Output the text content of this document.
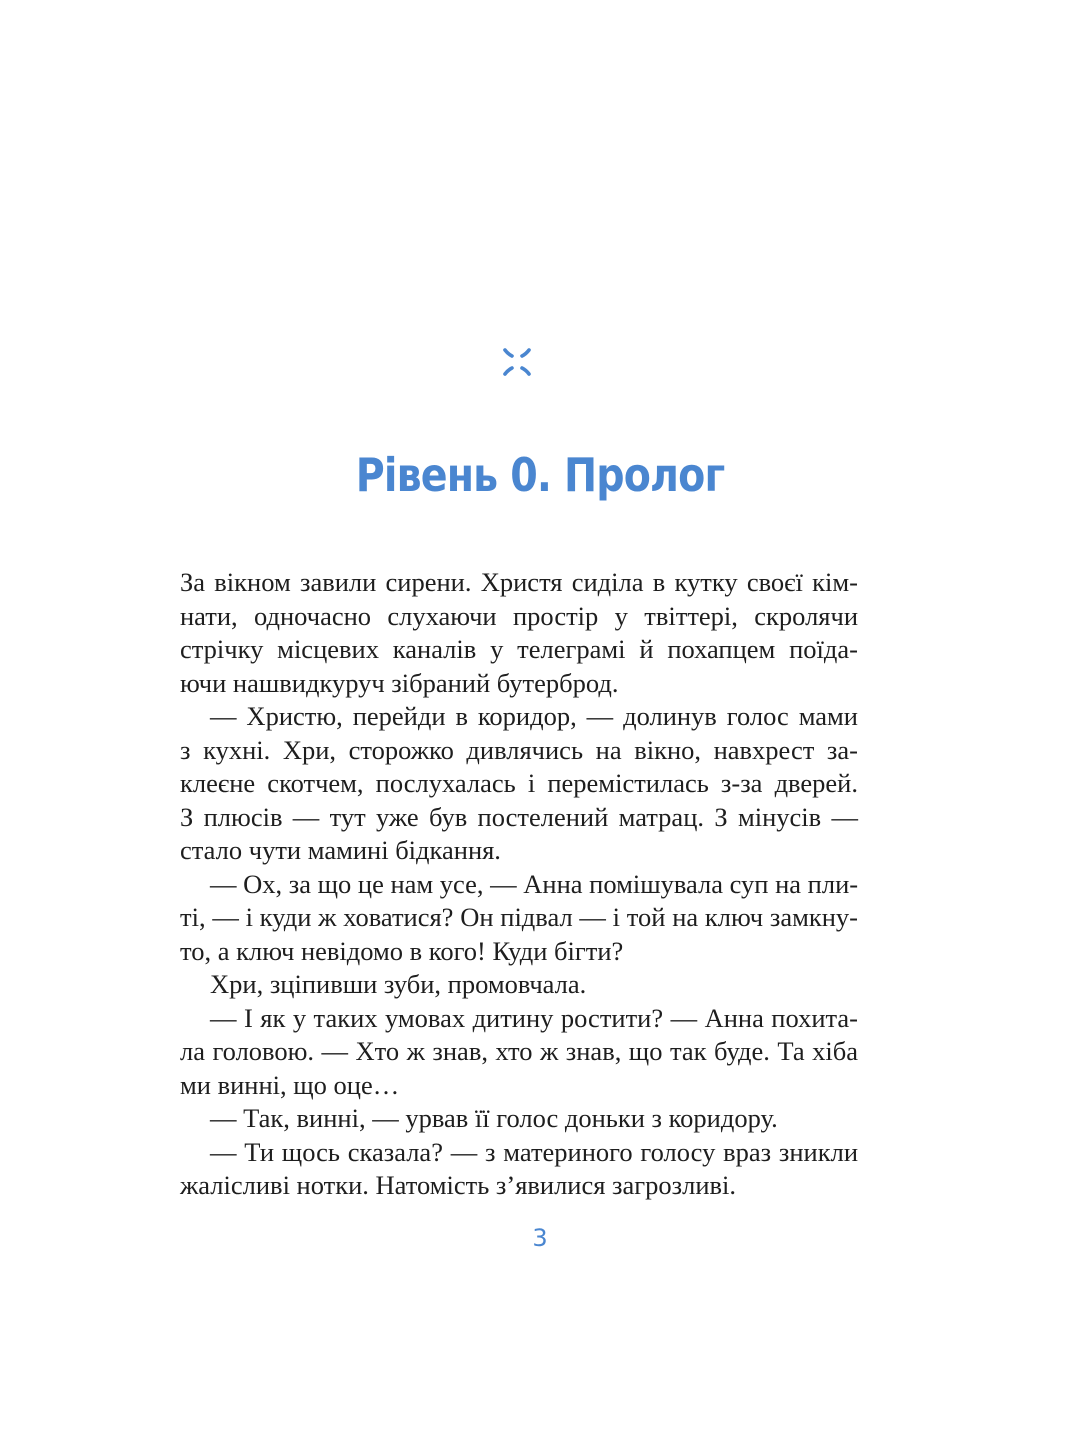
Рівень 0. Пролог
За вікном завили сирени. Христя сиділа в кутку своєї кім-
нати, одночасно слухаючи простір у твіттері, скролячи
стрічку місцевих каналів у телеграмі й похапцем поїда-
ючи нашвидкуруч зібраний бутерброд.
— Христю, перейди в коридор, — долинув голос мами
з кухні. Хри, сторожко дивлячись на вікно, навхрест за-
клеєне скотчем, послухалась і перемістилась з-за дверей.
З плюсів — тут уже був постелений матрац. З мінусів —
стало чути мамині бідкання.
— Ох, за що це нам усе, — Анна помішувала суп на пли-
ті, — і куди ж ховатися? Он підвал — і той на ключ замкну-
то, а ключ невідомо в кого! Куди бігти?
Хри, зціпивши зуби, промовчала.
— І як у таких умовах дитину ростити? — Анна похита-
ла головою. — Хто ж знав, хто ж знав, що так буде. Та хіба
ми винні, що оце…
— Так, винні, — урвав її голос доньки з коридору.
— Ти щось сказала? — з материного голосу враз зникли
жалісливі нотки. Натомість з’явилися загрозливі.
3
